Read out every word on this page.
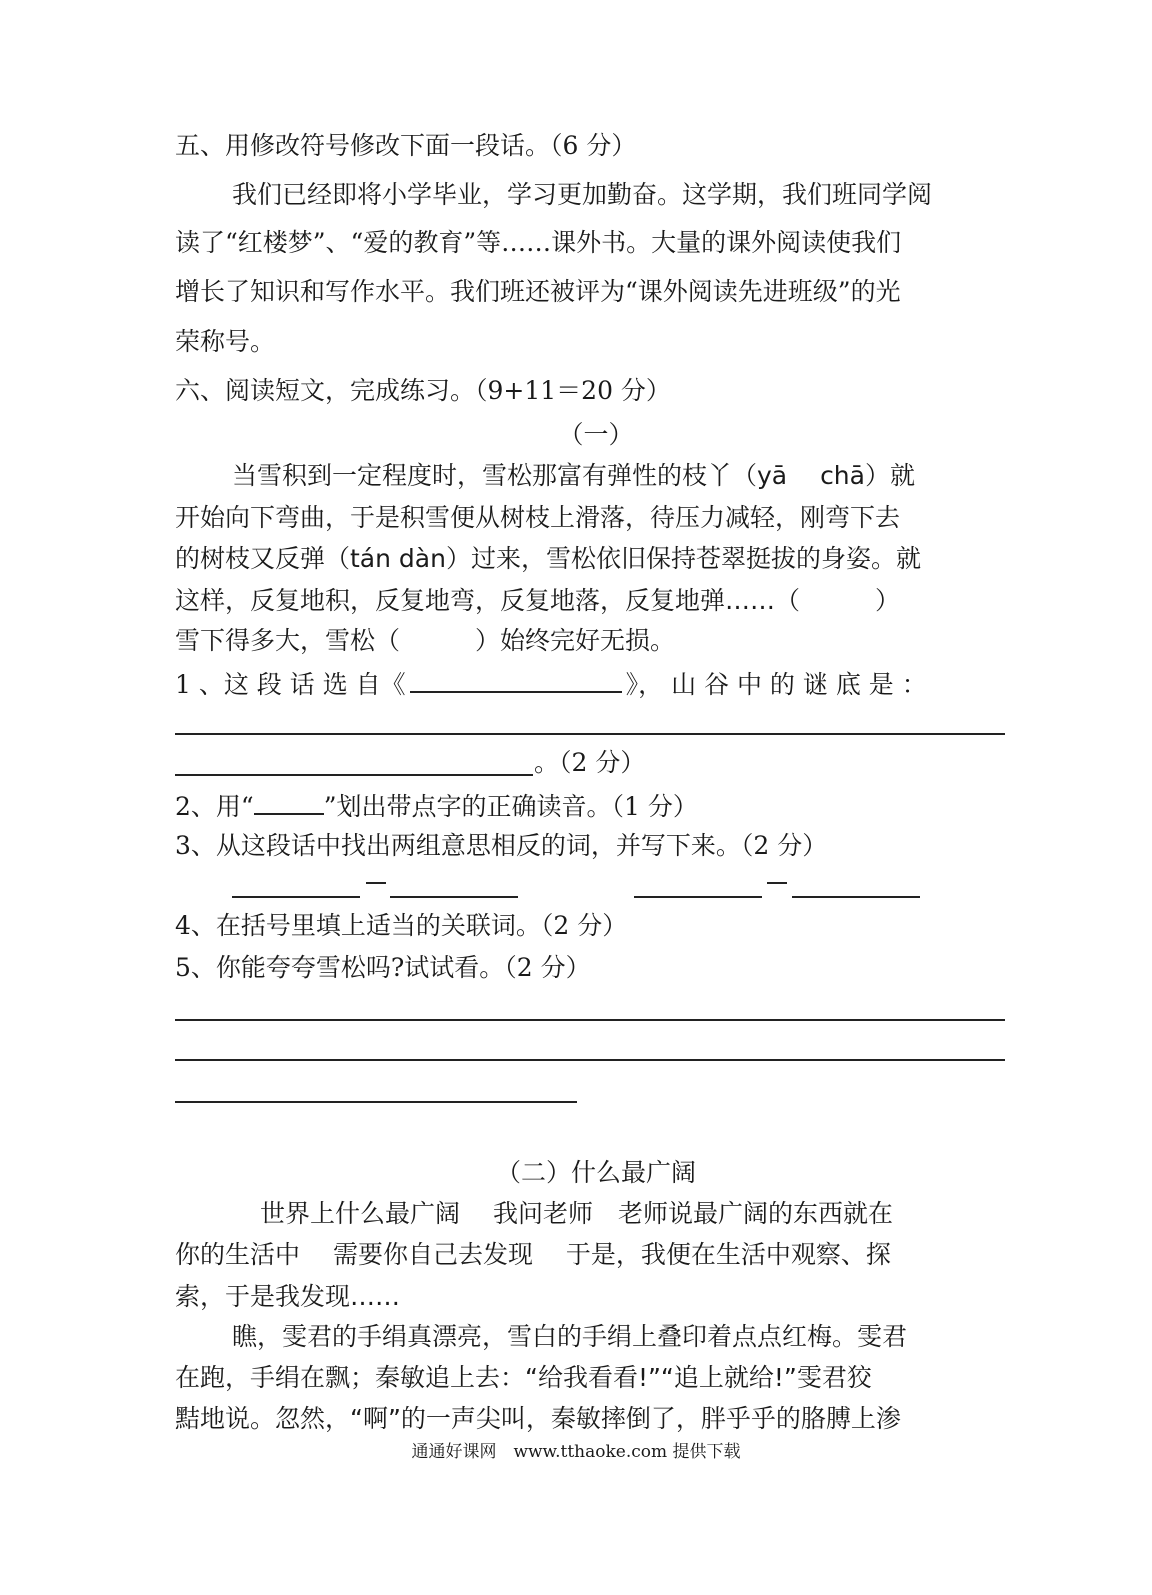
五、用修改符号修改下面一段话。（6 分）
我们已经即将小学毕业，学习更加勤奋。这学期，我们班同学阅
读了“红楼梦”、“爱的教育”等……课外书。大量的课外阅读使我们
增长了知识和写作水平。我们班还被评为“课外阅读先进班级”的光
荣称号。
六、阅读短文，完成练习。（9+11＝20 分）
（一）
当雪积到一定程度时，雪松那富有弹性的枝丫（yā　 chā）就
开始向下弯曲，于是积雪便从树枝上滑落，待压力减轻，刚弯下去
的树枝又反弹（tán dàn）过来，雪松依旧保持苍翠挺拔的身姿。就
这样，反复地积，反复地弯，反复地落，反复地弹……（　　　）
雪下得多大，雪松（　　　）始终完好无损。
1 、这 段 话 选 自《	》， 山 谷 中 的 谜 底 是 ：
。（2 分）
2、用“	”划出带点字的正确读音。（1 分）
3、从这段话中找出两组意思相反的词，并写下来。（2 分）
4、在括号里填上适当的关联词。（2 分）
5、你能夸夸雪松吗?试试看。（2 分）
（二）什么最广阔
世界上什么最广阔　 我问老师　老师说最广阔的东西就在
你的生活中　 需要你自己去发现　 于是，我便在生活中观察、探
索，于是我发现……
瞧，雯君的手绢真漂亮，雪白的手绢上叠印着点点红梅。雯君
在跑，手绢在飘；秦敏追上去：“给我看看!”“追上就给!”雯君狡
黠地说。忽然，“啊”的一声尖叫，秦敏摔倒了，胖乎乎的胳膊上渗
通通好课网　www.tthaoke.com 提供下载
